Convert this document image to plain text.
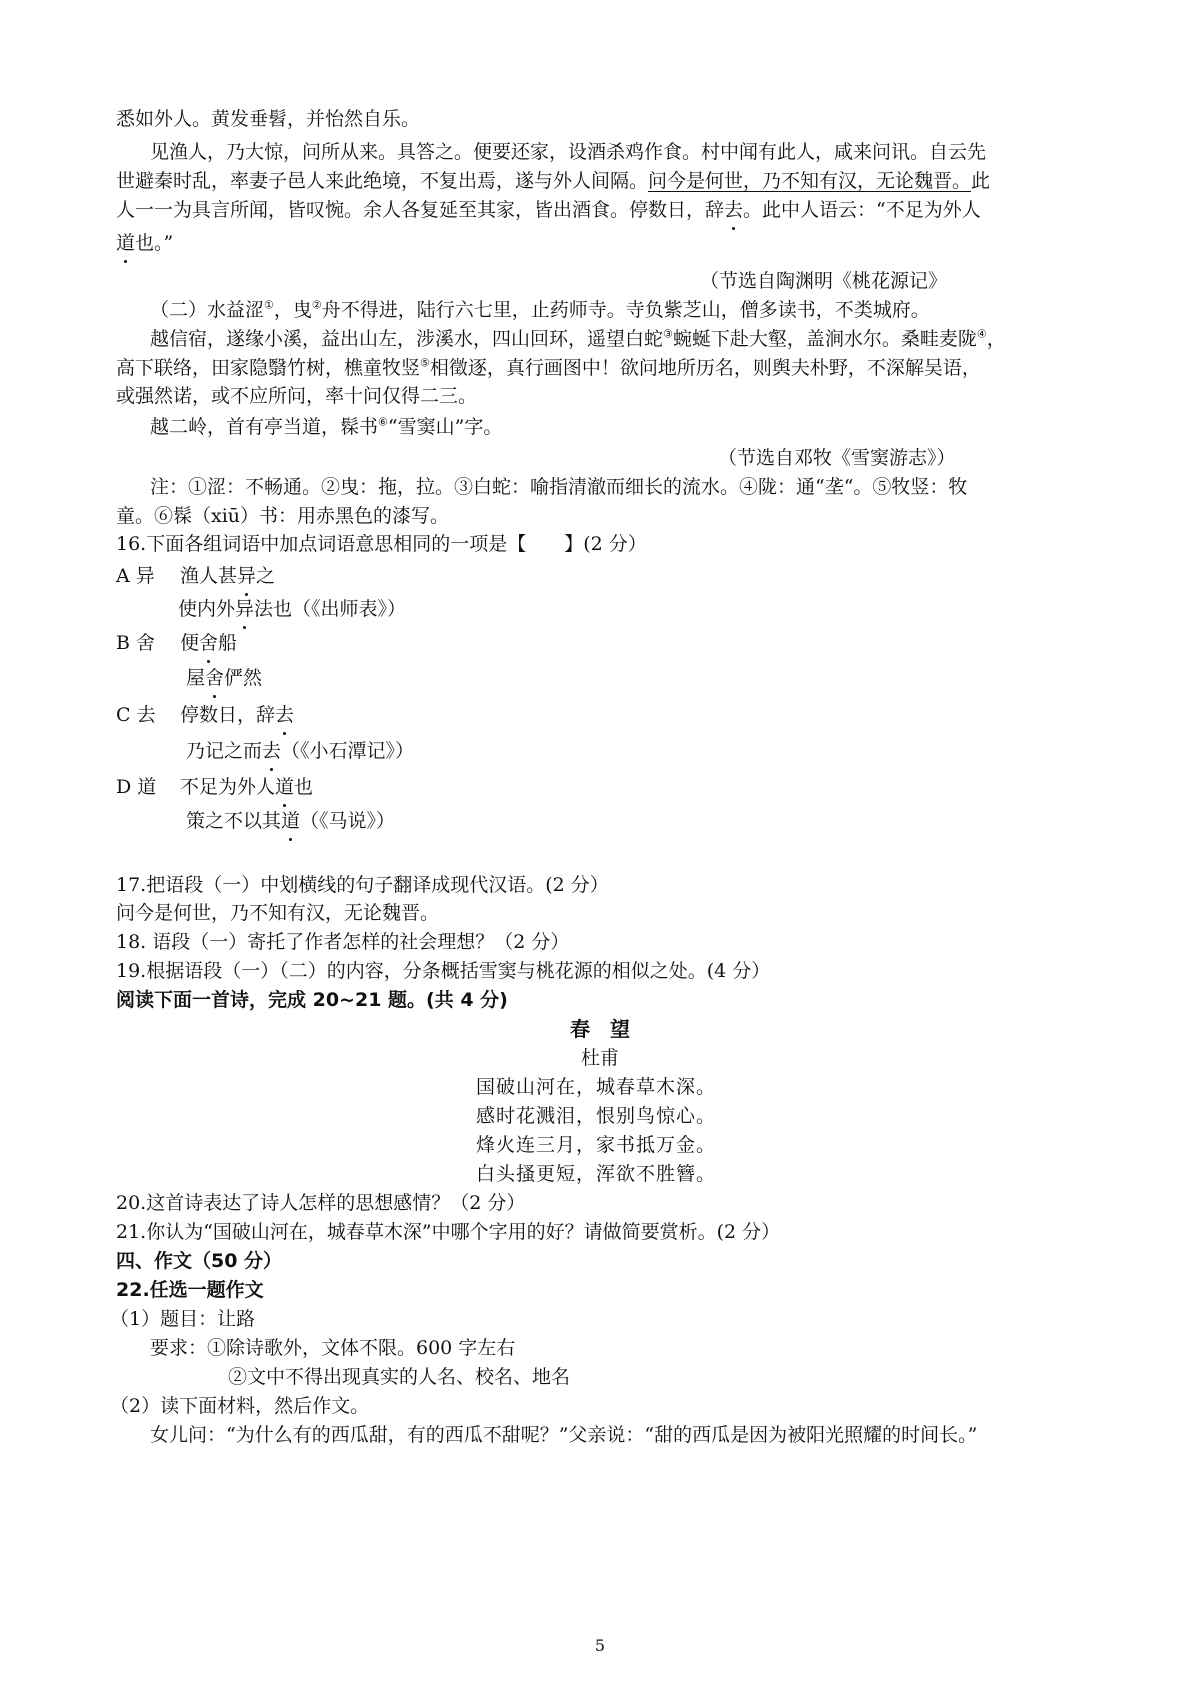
悉如外人。黄发垂髫，并怡然自乐。
见渔人，乃大惊，问所从来。具答之。便要还家，设酒杀鸡作食。村中闻有此人，咸来问讯。自云先
世避秦时乱，率妻子邑人来此绝境，不复出焉，遂与外人间隔。问今是何世，乃不知有汉，无论魏晋。此
人一一为具言所闻，皆叹惋。余人各复延至其家，皆出酒食。停数日，辞去。此中人语云：“不足为外人
道也。”
（节选自陶渊明《桃花源记》
（二）水益涩①，曳②舟不得进，陆行六七里，止药师寺。寺负紫芝山，僧多读书，不类城府。
越信宿，遂缘小溪，益出山左，涉溪水，四山回环，遥望白蛇③蜿蜒下赴大壑，盖涧水尔。桑畦麦陇④，
高下联络，田家隐翳竹树，樵童牧竖⑤相徵逐，真行画图中！欲问地所历名，则舆夫朴野，不深解吴语，
或强然诺，或不应所问，率十问仅得二三。
越二岭，首有亭当道，髹书⑥“雪窦山”字。
（节选自邓牧《雪窦游志》）
注：①涩：不畅通。②曳：拖，拉。③白蛇：喻指清澈而细长的流水。④陇：通“垄“。⑤牧竖：牧
童。⑥髹（xiū）书：用赤黑色的漆写。
16.下面各组词语中加点词语意思相同的一项是【　　】(2 分）
A 异 渔人甚异之
使内外异法也（《出师表》）
B 舍 便舍船
屋舍俨然
C 去 停数日，辞去
乃记之而去（《小石潭记》）
D 道 不足为外人道也
策之不以其道（《马说》）
17.把语段（一）中划横线的句子翻译成现代汉语。(2 分）
问今是何世，乃不知有汉，无论魏晋。
18. 语段（一）寄托了作者怎样的社会理想？（2 分）
19.根据语段（一）（二）的内容，分条概括雪窦与桃花源的相似之处。(4 分）
阅读下面一首诗，完成 20~21 题。(共 4 分)
春　望
杜甫
国破山河在，城春草木深。
感时花溅泪，恨别鸟惊心。
烽火连三月，家书抵万金。
白头搔更短，浑欲不胜簪。
20.这首诗表达了诗人怎样的思想感情？（2 分）
21.你认为“国破山河在，城春草木深”中哪个字用的好？请做简要赏析。(2 分）
四、作文（50 分）
22.任选一题作文
（1）题目：让路
要求：①除诗歌外，文体不限。600 字左右
②文中不得出现真实的人名、校名、地名
（2）读下面材料，然后作文。
女儿问：“为什么有的西瓜甜，有的西瓜不甜呢？”父亲说：“甜的西瓜是因为被阳光照耀的时间长。”
5
